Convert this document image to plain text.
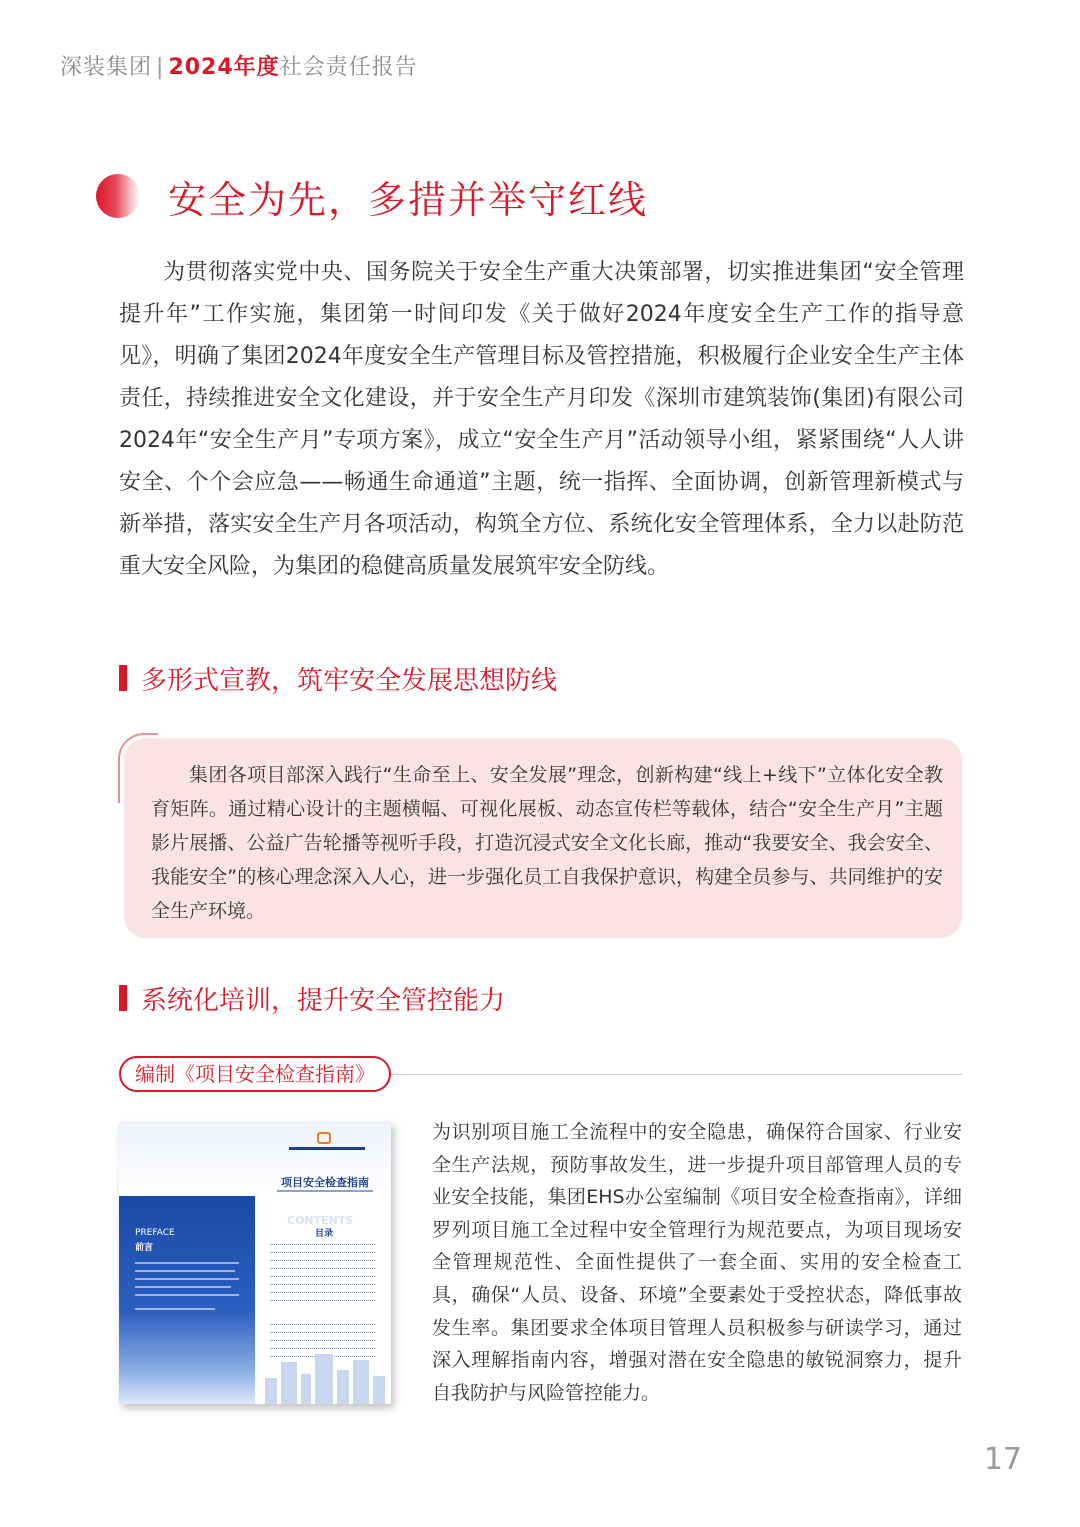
深装集团 | 2024年度社会责任报告
安全为先，多措并举守红线
为贯彻落实党中央、国务院关于安全生产重大决策部署，切实推进集团“安全管理提升年”工作实施，集团第一时间印发《关于做好2024年度安全生产工作的指导意见》，明确了集团2024年度安全生产管理目标及管控措施，积极履行企业安全生产主体责任，持续推进安全文化建设，并于安全生产月印发《深圳市建筑装饰(集团)有限公司2024年“安全生产月”专项方案》，成立“安全生产月”活动领导小组，紧紧围绕“人人讲安全、个个会应急——畅通生命通道”主题，统一指挥、全面协调，创新管理新模式与新举措，落实安全生产月各项活动，构筑全方位、系统化安全管理体系，全力以赴防范重大安全风险，为集团的稳健高质量发展筑牢安全防线。
多形式宣教，筑牢安全发展思想防线
集团各项目部深入践行“生命至上、安全发展”理念，创新构建“线上+线下”立体化安全教育矩阵。通过精心设计的主题横幅、可视化展板、动态宣传栏等载体，结合“安全生产月”主题影片展播、公益广告轮播等视听手段，打造沉浸式安全文化长廊，推动“我要安全、我会安全、我能安全”的核心理念深入人心，进一步强化员工自我保护意识，构建全员参与、共同维护的安全生产环境。
系统化培训，提升安全管控能力
编制《项目安全检查指南》
项目安全检查指南
PREFACE
前言
CONTENTS
目录
为识别项目施工全流程中的安全隐患，确保符合国家、行业安全生产法规，预防事故发生，进一步提升项目部管理人员的专业安全技能，集团EHS办公室编制《项目安全检查指南》，详细罗列项目施工全过程中安全管理行为规范要点，为项目现场安全管理规范性、全面性提供了一套全面、实用的安全检查工具，确保“人员、设备、环境”全要素处于受控状态，降低事故发生率。集团要求全体项目管理人员积极参与研读学习，通过深入理解指南内容，增强对潜在安全隐患的敏锐洞察力，提升自我防护与风险管控能力。
17
